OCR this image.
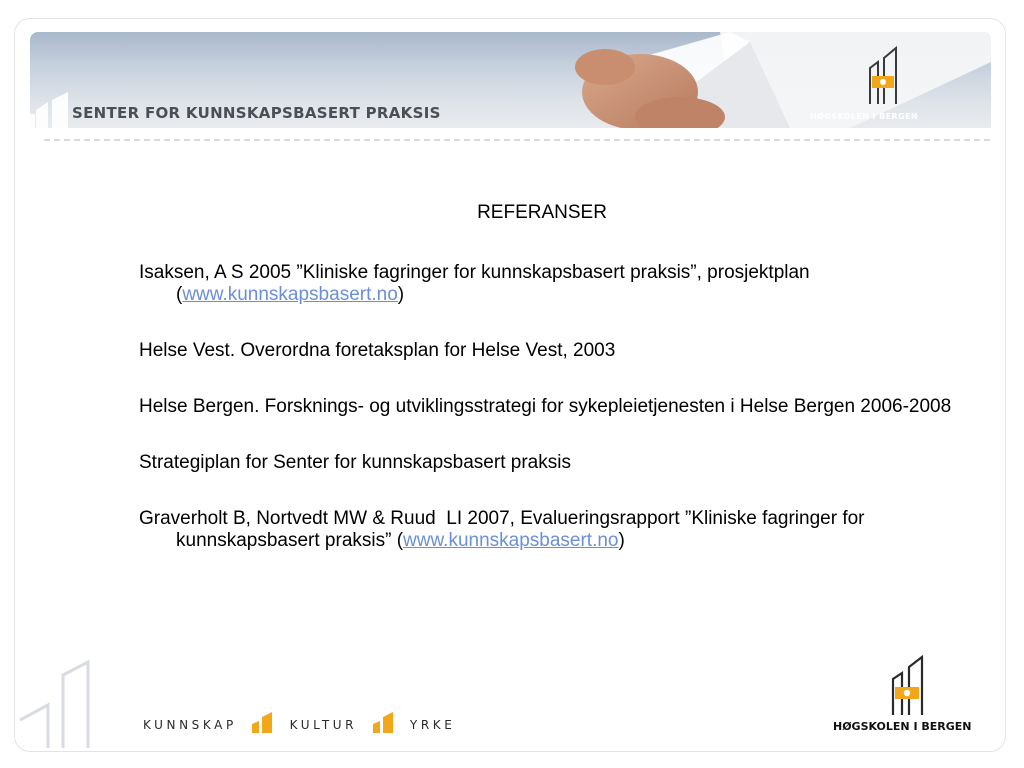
SENTER FOR KUNNSKAPSBASERT PRAKSIS	HØGSKOLEN I BERGEN
REFERANSER

Isaksen, A S 2005 ”Kliniske fagringer for kunnskapsbasert praksis”, prosjektplan (www.kunnskapsbasert.no)

Helse Vest. Overordna foretaksplan for Helse Vest, 2003

Helse Bergen. Forsknings- og utviklingsstrategi for sykepleietjenesten i Helse Bergen 2006-2008

Strategiplan for Senter for kunnskapsbasert praksis

Graverholt B, Nortvedt MW & Ruud LI 2007, Evalueringsrapport ”Kliniske fagringer for kunnskapsbasert praksis” (www.kunnskapsbasert.no)

KUNNSKAP	KULTUR	YRKE	HØGSKOLEN I BERGEN
